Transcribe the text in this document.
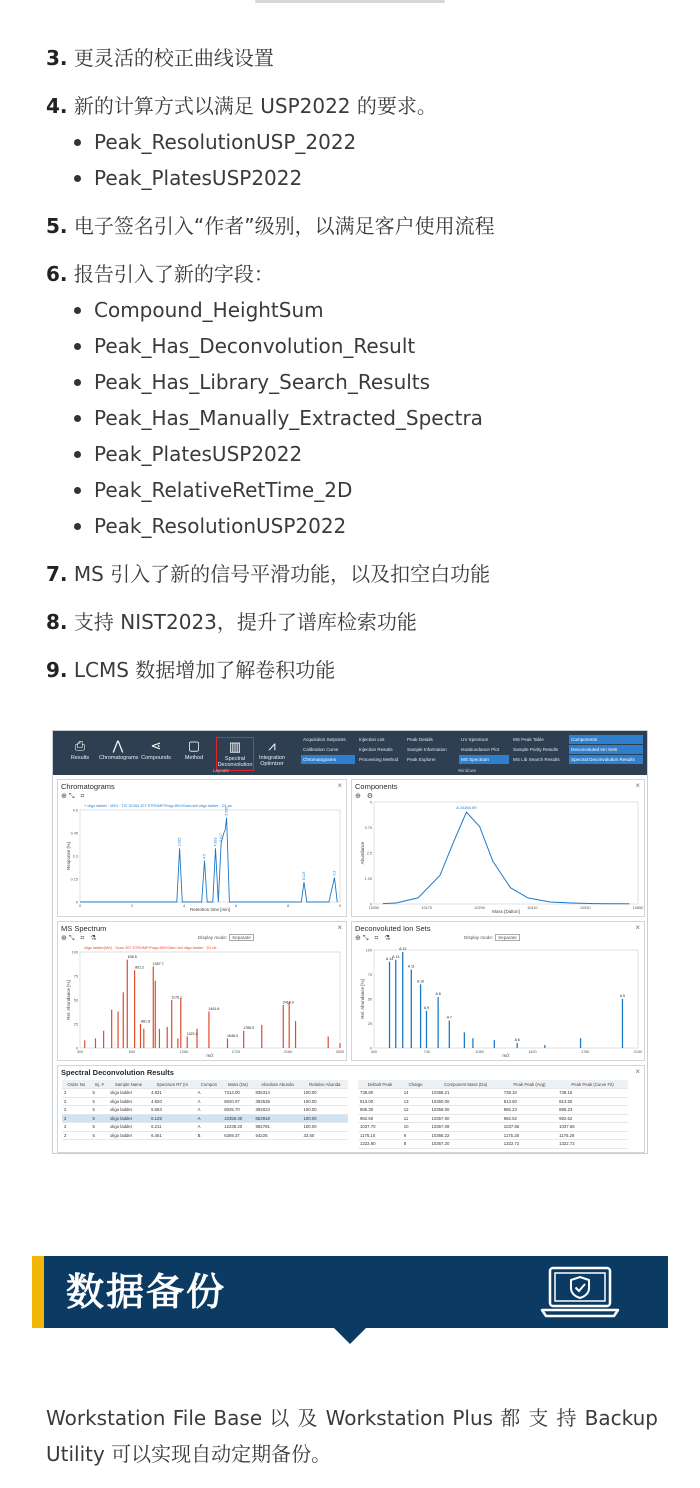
3. 更灵活的校正曲线设置

4. 新的计算方式以满足 USP2022 的要求。

Peak_ResolutionUSP_2022
Peak_PlatesUSP2022

5. 电子签名引入“作者”级别，以满足客户使用流程

6. 报告引入了新的字段：

Compound_HeightSum
Peak_Has_Deconvolution_Result
Peak_Has_Library_Search_Results
Peak_Has_Manually_Extracted_Spectra
Peak_PlatesUSP2022
Peak_RelativeRetTime_2D
Peak_ResolutionUSP2022

7. MS 引入了新的信号平滑功能，以及扣空白功能

8. 支持 NIST2023，提升了谱库检索功能

9. LCMS 数据增加了解卷积功能

⎙
Results
⋀
Chromatograms
⋖
Compounds
▢
Method
▥
Spectral Deconvolution
⩘
Integration Optimizer
Layouts	Windows
Acquisition Setpoints	Injection List	Peak Details	UV Spectrum	MS Peak Table	Components
Calibration Curve	Injection Results	Sample Information	Isoabundance Plot	Sample Purity Results	Deconvoluted Ion Sets
Chromatograms	Processing Method	Peak Explorer	MS Spectrum	MS Lib Search Results	Spectral Deconvolution Results
Chromatograms	×
⊕⤡ ⌗
+ oligo ladder · MS1 · TIC SCAN 207 STROMP/Frag=80V/Gain=full oligo ladder · D1.dx
Retention time [min]
Response [%]
0	2	4	6	8	9
0
0.15
0.3
0.45
0.6
3.625
4.5
4.833
5.017
5.256
8.115	9.2
Components	×
⊕ ⚙
Mass [Dalton]
Abundance
10050	10170	10290	10410	10530	10650
0
1.25
2.5
3.75
5
A 10260.59
MS Spectrum	×
⊕⤡ ⌗ ⚗	Display mode: Separate
oligo ladder(MS) - Scan 207 STROMP/Frag=80V/Gain=full oligo ladder · D1.dx
m/z
Rel. Abundance [%]
400	840	1280	1720	2160	2600
0
25
50
75
100
801.2
636.5
881.8
1057.7
1176.1
1322.4
1491.6
1648.0
1785.9
2416.0
Deconvoluted Ion Sets	×
⊕⤡ ⌗ ⚗	Display mode: Separate
m/z
Rel. Abundance [%]
400	740	1080	1420	1760	2100
0
25
50
75
100
A 14 A 13
A 12
A 11
A 10
A 9
A 8
A 7
A 6
A 5
Spectral Deconvolution Results	×
Order No	Inj. #	Sample Name	Spectrum RT (m	Compon	Mass (Da)	Absolute Abunda	Relative Abunda
2	5	oligo ladder	4.831	A	7314.00	836314	100.00
2	5	oligo ladder	4.920	A	8020.07	383535	100.00
2	5	oligo ladder	5.653	A	8025.70	392023	100.00
2	5	oligo ladder	6.125	A	10358.30	653918	100.00
2	5	oligo ladder	6.211	A	12238.20	992781	100.00
2	5	oligo ladder	6.451	B	6269.37	54225	32.50
Default Peak	Charge	Component Mass (Da)	Peak Peak (Avg)	Peak Peak (Curve Fit)
738.80	14	10358.21	738.10	738.16
813.00	13	10360.00	813.50	813.50
885.30	12	10358.00	885.23	885.23
982.60	11	10357.50	982.62	982.62
1037.70	10	10367.09	1037.66	1037.66
1175.10	9	10366.22	1175.28	1175.28
1322.80	8	10367.20	1322.72	1322.72
数据备份

Workstation File Base 以 及 Workstation Plus 都 支 持 Backup Utility 可以实现自动定期备份。
